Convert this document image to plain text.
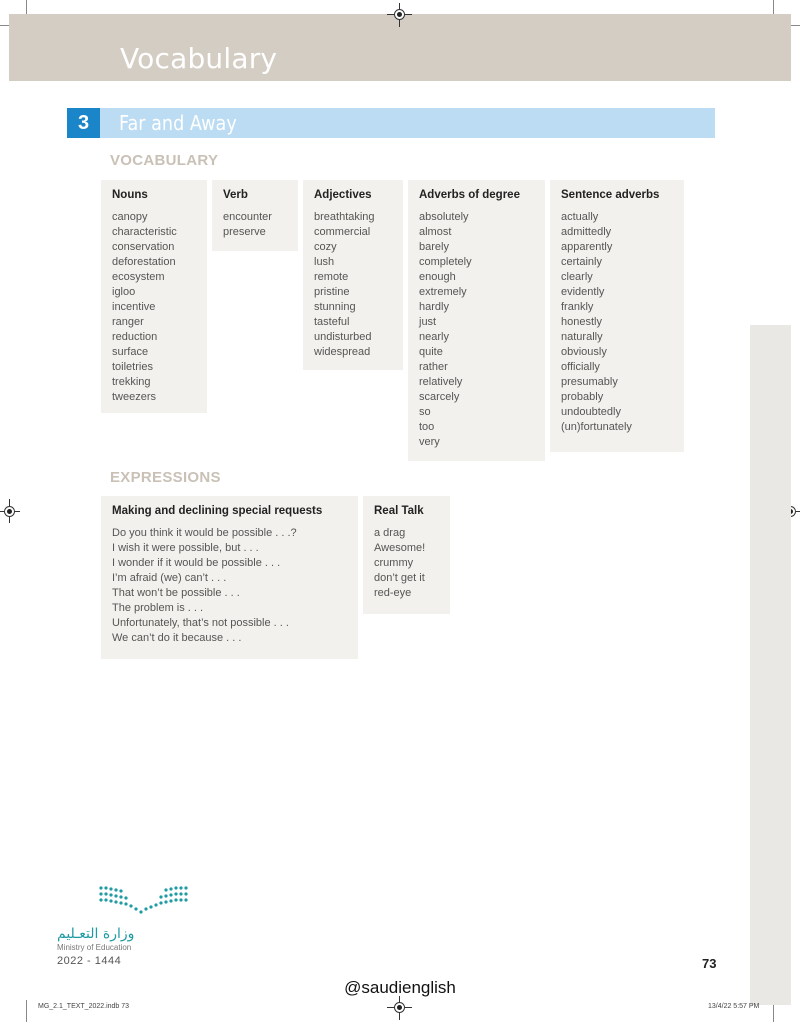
Vocabulary
3	Far and Away
VOCABULARY
Nouns
canopy
characteristic
conservation
deforestation
ecosystem
igloo
incentive
ranger
reduction
surface
toiletries
trekking
tweezers
Verb
encounter
preserve
Adjectives
breathtaking
commercial
cozy
lush
remote
pristine
stunning
tasteful
undisturbed
widespread
Adverbs of degree
absolutely
almost
barely
completely
enough
extremely
hardly
just
nearly
quite
rather
relatively
scarcely
so
too
very
Sentence adverbs
actually
admittedly
apparently
certainly
clearly
evidently
frankly
honestly
naturally
obviously
officially
presumably
probably
undoubtedly
(un)fortunately
EXPRESSIONS
Making and declining special requests
Do you think it would be possible . . .?
I wish it were possible, but . . .
I wonder if it would be possible . . .
I’m afraid (we) can’t . . .
That won’t be possible . . .
The problem is . . .
Unfortunately, that’s not possible . . .
We can’t do it because . . .
Real Talk
a drag
Awesome!
crummy
don’t get it
red-eye
وزارة التعـليم
Ministry of Education
2022 - 1444	73
@saudienglish
MG_2.1_TEXT_2022.indb 73	13/4/22 5:57 PM
